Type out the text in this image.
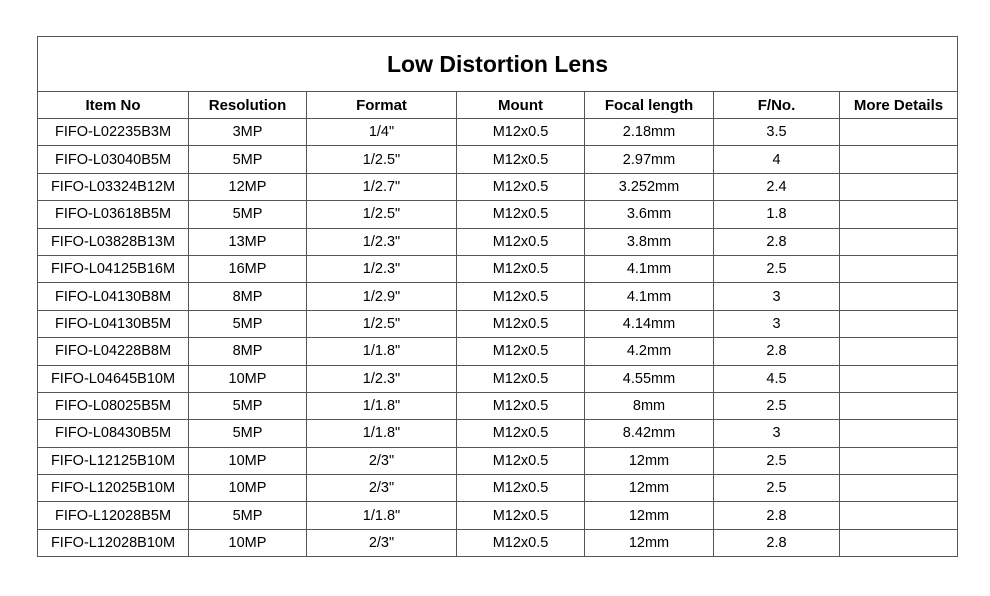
Low Distortion Lens						
Item No	Resolution	Format	Mount	Focal length	F/No.	More Details
FIFO-L02235B3M	3MP	1/4"	M12x0.5	2.18mm	3.5	
FIFO-L03040B5M	5MP	1/2.5"	M12x0.5	2.97mm	4	
FIFO-L03324B12M	12MP	1/2.7"	M12x0.5	3.252mm	2.4	
FIFO-L03618B5M	5MP	1/2.5"	M12x0.5	3.6mm	1.8	
FIFO-L03828B13M	13MP	1/2.3"	M12x0.5	3.8mm	2.8	
FIFO-L04125B16M	16MP	1/2.3"	M12x0.5	4.1mm	2.5	
FIFO-L04130B8M	8MP	1/2.9"	M12x0.5	4.1mm	3	
FIFO-L04130B5M	5MP	1/2.5"	M12x0.5	4.14mm	3	
FIFO-L04228B8M	8MP	1/1.8"	M12x0.5	4.2mm	2.8	
FIFO-L04645B10M	10MP	1/2.3"	M12x0.5	4.55mm	4.5	
FIFO-L08025B5M	5MP	1/1.8"	M12x0.5	8mm	2.5	
FIFO-L08430B5M	5MP	1/1.8"	M12x0.5	8.42mm	3	
FIFO-L12125B10M	10MP	2/3"	M12x0.5	12mm	2.5	
FIFO-L12025B10M	10MP	2/3"	M12x0.5	12mm	2.5	
FIFO-L12028B5M	5MP	1/1.8"	M12x0.5	12mm	2.8	
FIFO-L12028B10M	10MP	2/3"	M12x0.5	12mm	2.8	
